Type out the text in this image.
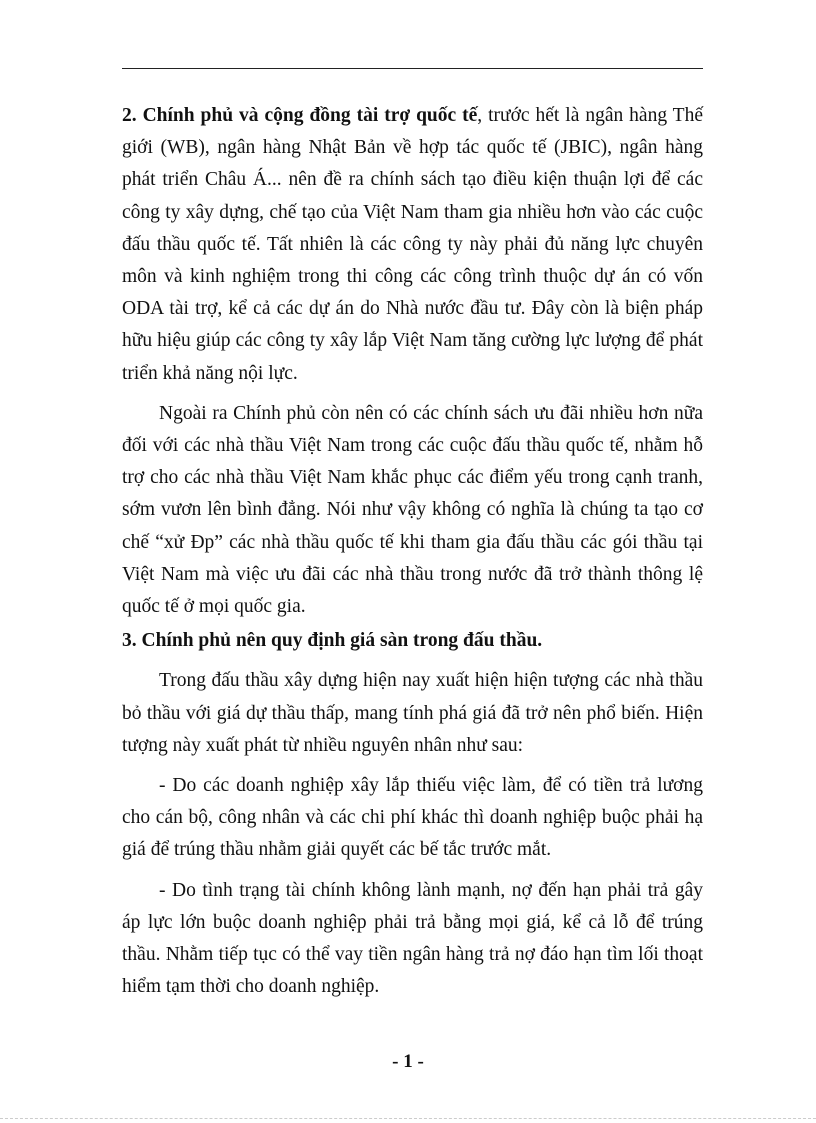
2. Chính phủ và cộng đồng tài trợ quốc tế, trước hết là ngân hàng Thế giới (WB), ngân hàng Nhật Bản về hợp tác quốc tế (JBIC), ngân hàng phát triển Châu Á... nên đề ra chính sách tạo điều kiện thuận lợi để các công ty xây dựng, chế tạo của Việt Nam tham gia nhiều hơn vào các cuộc đấu thầu quốc tế. Tất nhiên là các công ty này phải đủ năng lực chuyên môn và kinh nghiệm trong thi công các công trình thuộc dự án có vốn ODA tài trợ, kể cả các dự án do Nhà nước đầu tư. Đây còn là biện pháp hữu hiệu giúp các công ty xây lắp Việt Nam tăng cường lực lượng để phát triển khả năng nội lực.

Ngoài ra Chính phủ còn nên có các chính sách ưu đãi nhiều hơn nữa đối với các nhà thầu Việt Nam trong các cuộc đấu thầu quốc tế, nhằm hỗ trợ cho các nhà thầu Việt Nam khắc phục các điểm yếu trong cạnh tranh, sớm vươn lên bình đẳng. Nói như vậy không có nghĩa là chúng ta tạo cơ chế “xử Đp” các nhà thầu quốc tế khi tham gia đấu thầu các gói thầu tại Việt Nam mà việc ưu đãi các nhà thầu trong nước đã trở thành thông lệ quốc tế ở mọi quốc gia.

3. Chính phủ nên quy định giá sàn trong đấu thầu.

Trong đấu thầu xây dựng hiện nay xuất hiện hiện tượng các nhà thầu bỏ thầu với giá dự thầu thấp, mang tính phá giá đã trở nên phổ biến. Hiện tượng này xuất phát từ nhiều nguyên nhân như sau:

- Do các doanh nghiệp xây lắp thiếu việc làm, để có tiền trả lương cho cán bộ, công nhân và các chi phí khác thì doanh nghiệp buộc phải hạ giá để trúng thầu nhằm giải quyết các bế tắc trước mắt.

- Do tình trạng tài chính không lành mạnh, nợ đến hạn phải trả gây áp lực lớn buộc doanh nghiệp phải trả bằng mọi giá, kể cả lỗ để trúng thầu. Nhằm tiếp tục có thể vay tiền ngân hàng trả nợ đáo hạn tìm lối thoạt hiểm tạm thời cho doanh nghiệp.

- 1 -
